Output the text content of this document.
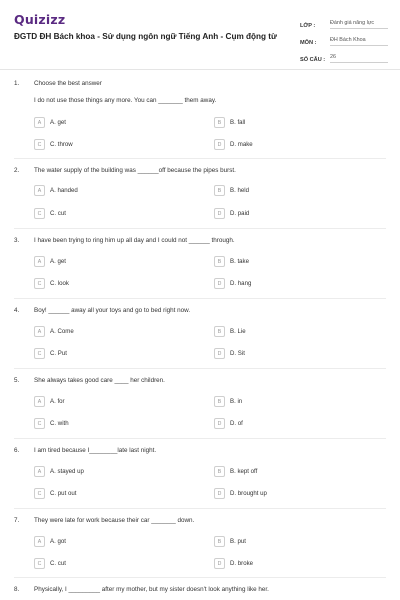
Quizizz
ĐGTD ĐH Bách khoa - Sử dụng ngôn ngữ Tiếng Anh - Cụm động từ
LỚP :	Đánh giá năng lực
MÔN :	ĐH Bách Khoa
SỐ CÂU : 26
1. Choose the best answer
I do not use those things any more. You can _______ them away.
A	A. get	B	B. fall
C	C. throw	D	D. make
2. The water supply of the building was ______off because the pipes burst.
A	A. handed	B	B. held
C	C. cut	D	D. paid
3. I have been trying to ring him up all day and I could not ______ through.
A	A. get	B	B. take
C	C. look	D	D. hang
4. Boy! ______ away all your toys and go to bed right now.
A	A. Come	B	B. Lie
C	C. Put	D	D. Sit
5. She always takes good care ____ her children.
A	A. for	B	B. in
C	C. with	D	D. of
6. I am tired because I________late last night.
A	A. stayed up	B	B. kept off
C	C. put out	D	D. brought up
7. They were late for work because their car _______ down.
A	A. got	B	B. put
C	C. cut	D	D. broke
8. Physically, I _________ after my mother, but my sister doesn't look anything like her.
